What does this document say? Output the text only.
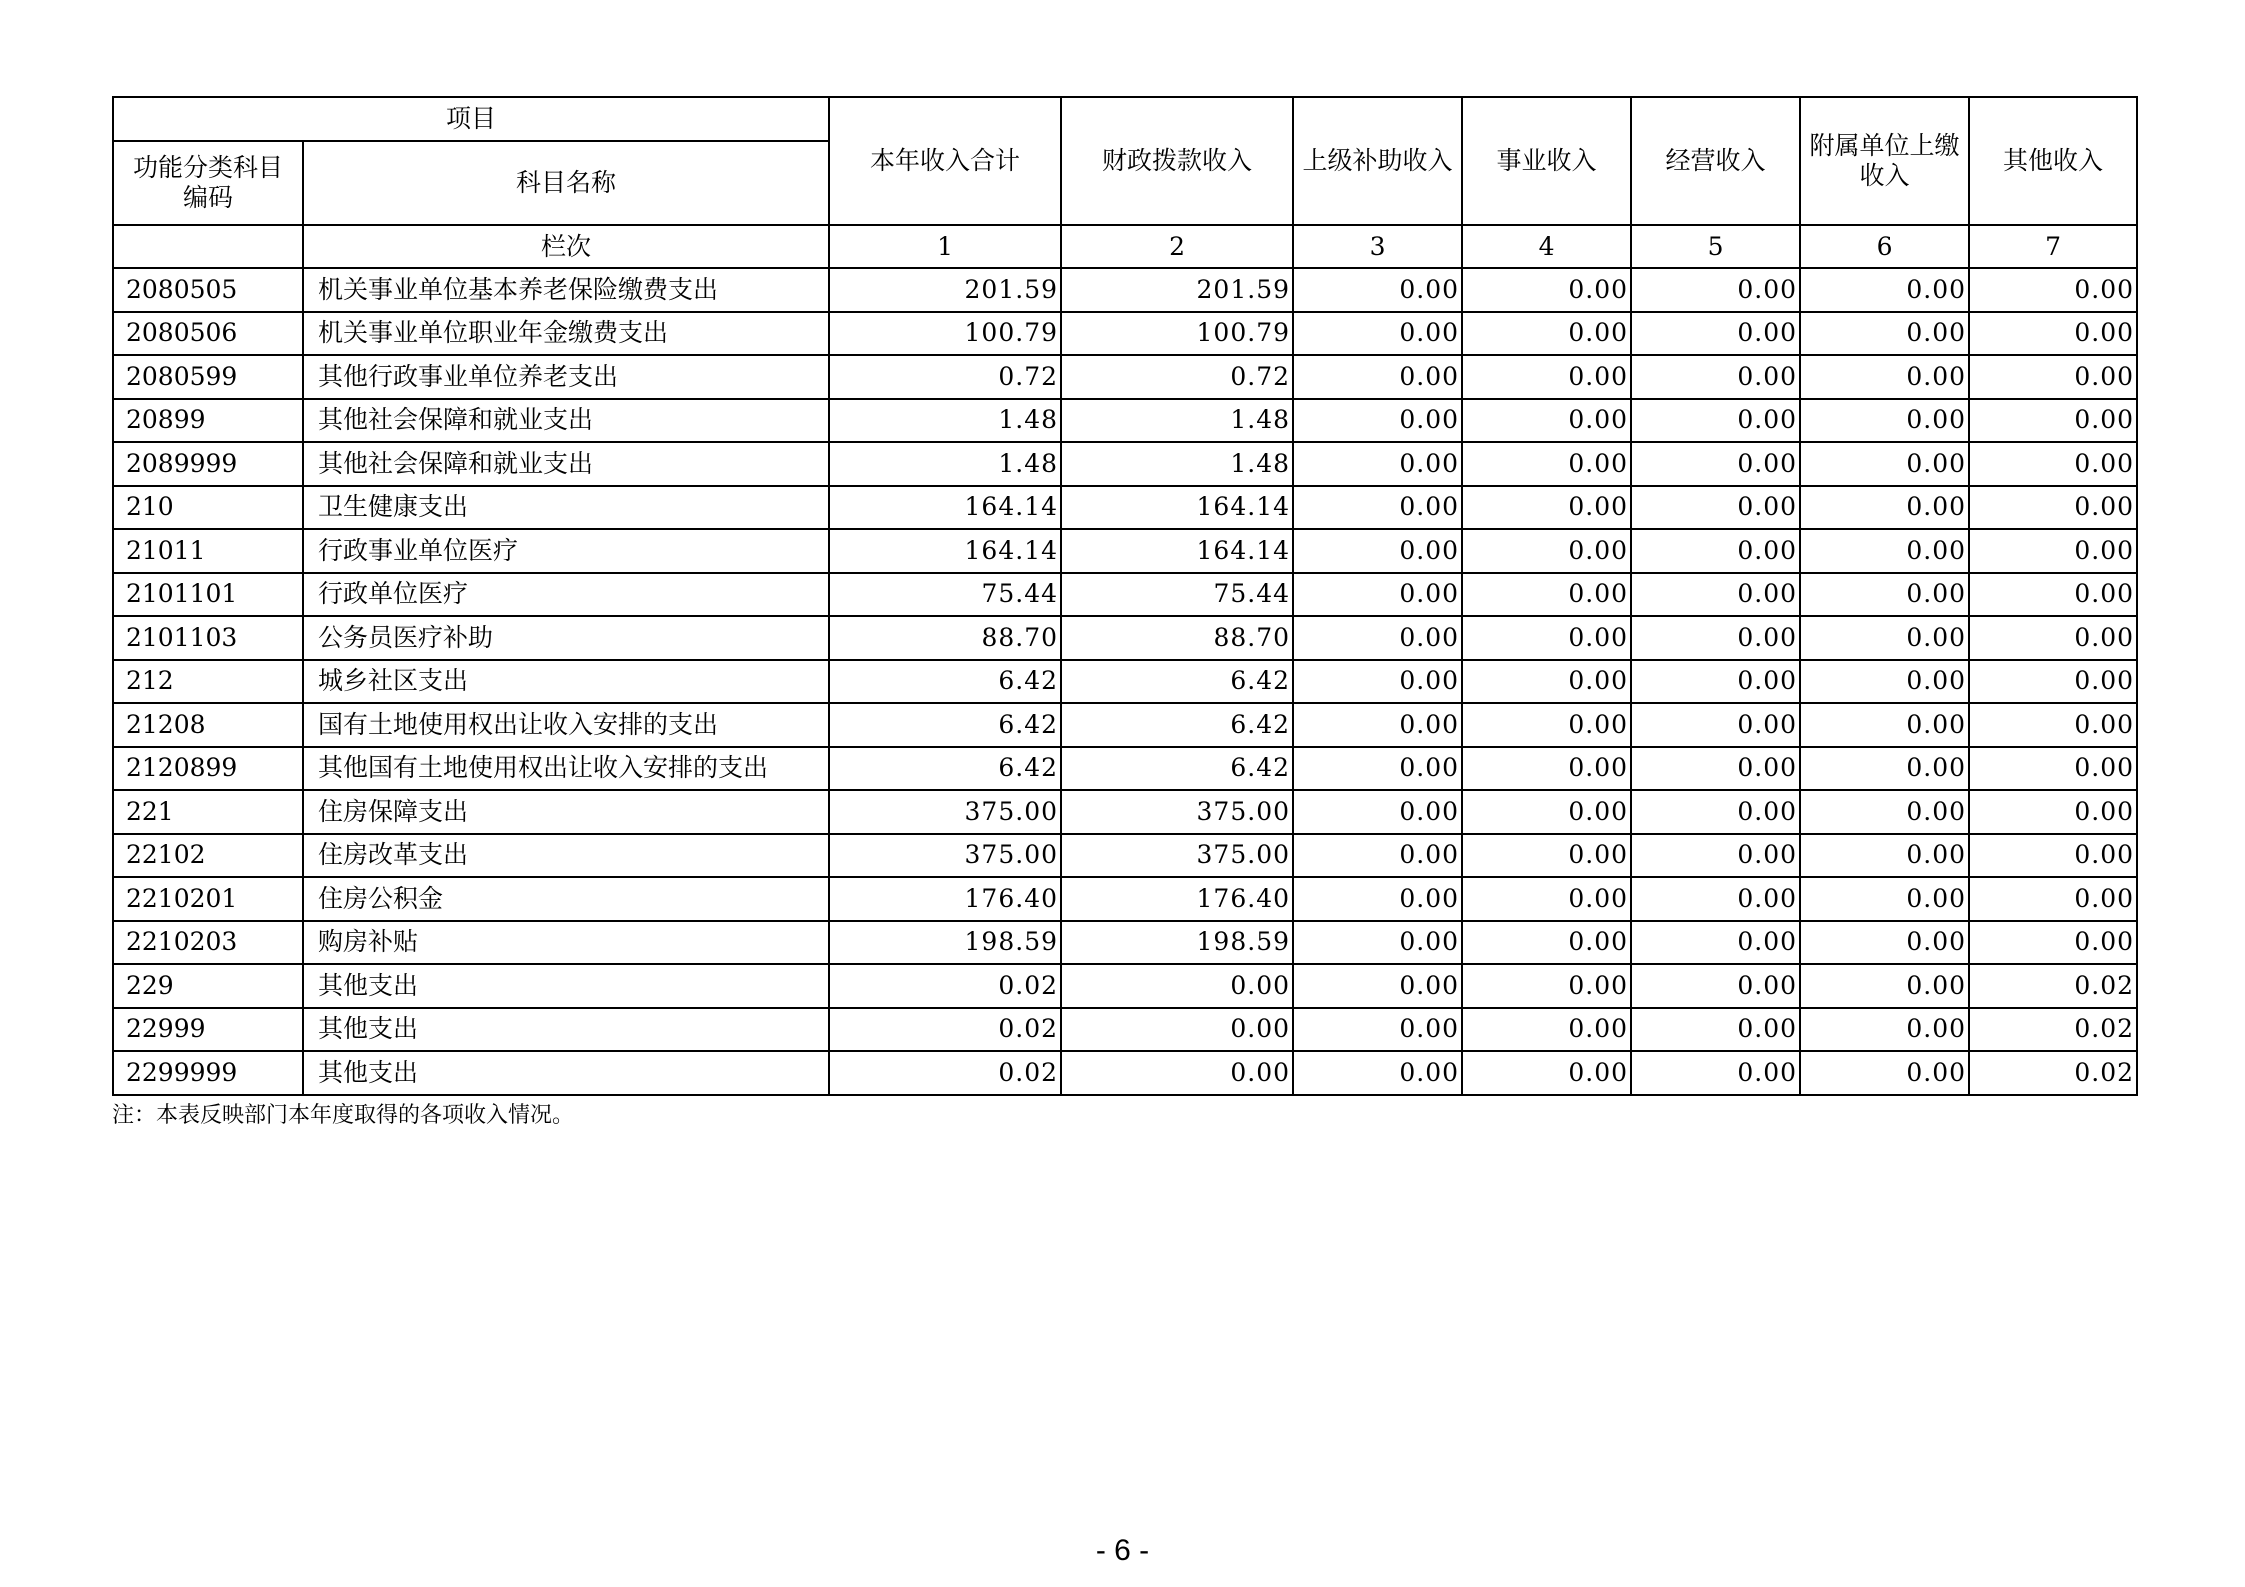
项目		本年收入合计	财政拨款收入	上级补助收入	事业收入	经营收入	附属单位上缴收入	其他收入
功能分类科目编码	科目名称							
	栏次	1	2	3	4	5	6	7
2080505	机关事业单位基本养老保险缴费支出	201.59	201.59	0.00	0.00	0.00	0.00	0.00
2080506	机关事业单位职业年金缴费支出	100.79	100.79	0.00	0.00	0.00	0.00	0.00
2080599	其他行政事业单位养老支出	0.72	0.72	0.00	0.00	0.00	0.00	0.00
20899	其他社会保障和就业支出	1.48	1.48	0.00	0.00	0.00	0.00	0.00
2089999	其他社会保障和就业支出	1.48	1.48	0.00	0.00	0.00	0.00	0.00
210	卫生健康支出	164.14	164.14	0.00	0.00	0.00	0.00	0.00
21011	行政事业单位医疗	164.14	164.14	0.00	0.00	0.00	0.00	0.00
2101101	行政单位医疗	75.44	75.44	0.00	0.00	0.00	0.00	0.00
2101103	公务员医疗补助	88.70	88.70	0.00	0.00	0.00	0.00	0.00
212	城乡社区支出	6.42	6.42	0.00	0.00	0.00	0.00	0.00
21208	国有土地使用权出让收入安排的支出	6.42	6.42	0.00	0.00	0.00	0.00	0.00
2120899	其他国有土地使用权出让收入安排的支出	6.42	6.42	0.00	0.00	0.00	0.00	0.00
221	住房保障支出	375.00	375.00	0.00	0.00	0.00	0.00	0.00
22102	住房改革支出	375.00	375.00	0.00	0.00	0.00	0.00	0.00
2210201	住房公积金	176.40	176.40	0.00	0.00	0.00	0.00	0.00
2210203	购房补贴	198.59	198.59	0.00	0.00	0.00	0.00	0.00
229	其他支出	0.02	0.00	0.00	0.00	0.00	0.00	0.02
22999	其他支出	0.02	0.00	0.00	0.00	0.00	0.00	0.02
2299999	其他支出	0.02	0.00	0.00	0.00	0.00	0.00	0.02
注：本表反映部门本年度取得的各项收入情况。
- 6 -
